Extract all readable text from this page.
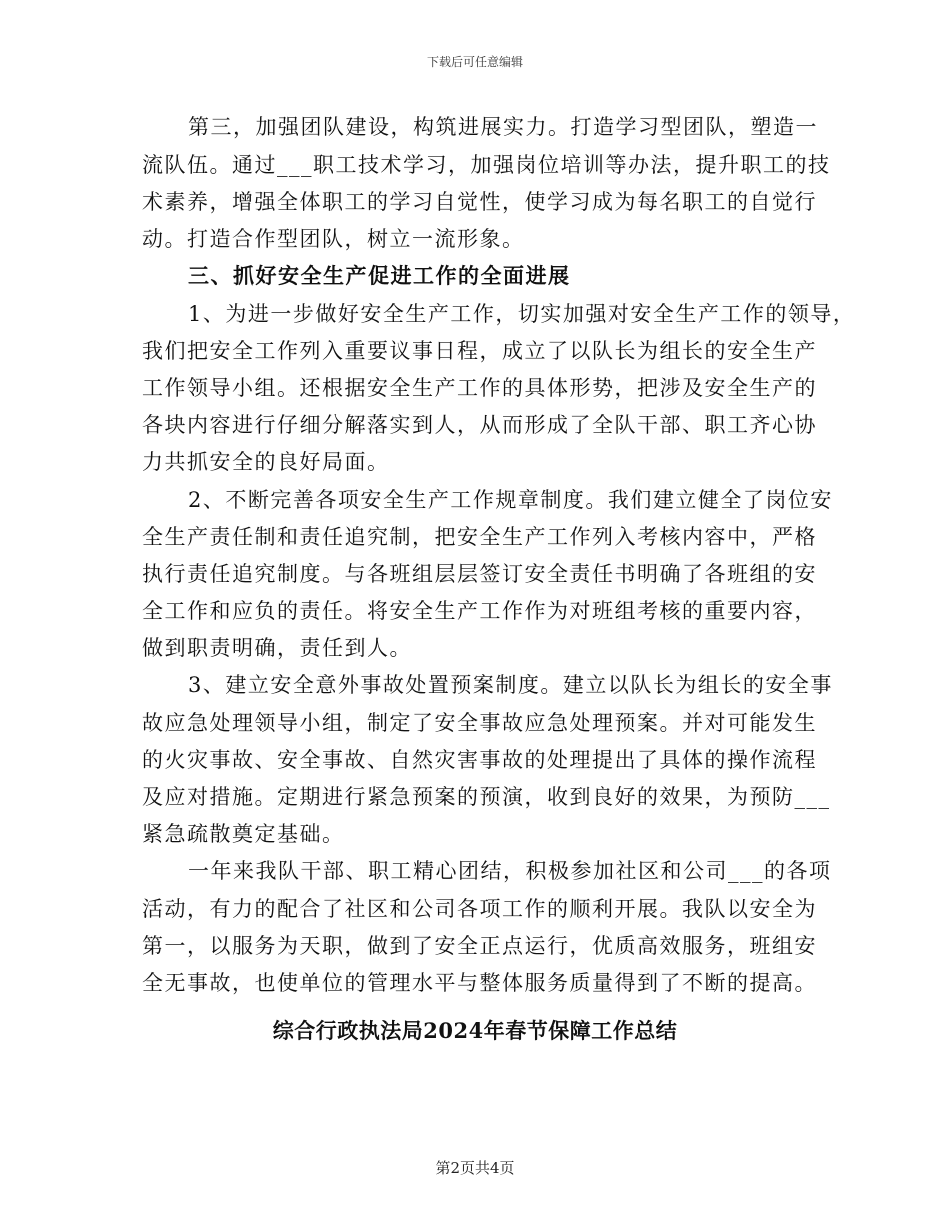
下载后可任意编辑
第三，加强团队建设，构筑进展实力。打造学习型团队，塑造一
流队伍。通过___职工技术学习，加强岗位培训等办法，提升职工的技
术素养，增强全体职工的学习自觉性，使学习成为每名职工的自觉行
动。打造合作型团队，树立一流形象。
三、抓好安全生产促进工作的全面进展
1、为进一步做好安全生产工作，切实加强对安全生产工作的领导，
我们把安全工作列入重要议事日程，成立了以队长为组长的安全生产
工作领导小组。还根据安全生产工作的具体形势，把涉及安全生产的
各块内容进行仔细分解落实到人，从而形成了全队干部、职工齐心协
力共抓安全的良好局面。
2、不断完善各项安全生产工作规章制度。我们建立健全了岗位安
全生产责任制和责任追究制，把安全生产工作列入考核内容中，严格
执行责任追究制度。与各班组层层签订安全责任书明确了各班组的安
全工作和应负的责任。将安全生产工作作为对班组考核的重要内容，
做到职责明确，责任到人。
3、建立安全意外事故处置预案制度。建立以队长为组长的安全事
故应急处理领导小组，制定了安全事故应急处理预案。并对可能发生
的火灾事故、安全事故、自然灾害事故的处理提出了具体的操作流程
及应对措施。定期进行紧急预案的预演，收到良好的效果，为预防___
紧急疏散奠定基础。
一年来我队干部、职工精心团结，积极参加社区和公司___的各项
活动，有力的配合了社区和公司各项工作的顺利开展。我队以安全为
第一，以服务为天职，做到了安全正点运行，优质高效服务，班组安
全无事故，也使单位的管理水平与整体服务质量得到了不断的提高。
综合行政执法局2024年春节保障工作总结
第2页共4页
